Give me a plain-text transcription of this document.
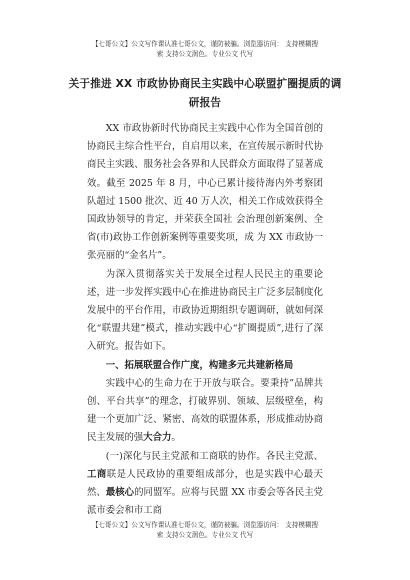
【七哥公文】公文写作课认准七哥公文，谨防被骗。浏览器访问： 支持模糊搜
索 支持公文润色。专业公文 代写
关于推进 XX 市政协协商民主实践中心联盟扩圈提质的调研报告

XX 市政协新时代协商民主实践中心作为全国首创的协商民主综合性平台，自启用以来，在宣传展示新时代协商民主实践、服务社会各界和人民群众方面取得了显著成效。截至 2025 年 8 月，中心已累计接待海内外考察团队超过 1500 批次、近 40 万人次，相关工作成效获得全国政协领导的肯定，并荣获全国社 会治理创新案例、全省(市)政协工作创新案例等重要奖项，成 为 XX 市政协一张亮丽的“金名片”。

为深入贯彻落实关于发展全过程人民民主的重要论述，进一步发挥实践中心在推进协商民主广泛多层制度化发展中的平台作用，市政协近期组织专题调研，就如何深化“联盟共建”模式，推动实践中心“扩圈提质”,进行了深入研究。报告如下。

一、拓展联盟合作广度，构建多元共建新格局

实践中心的生命力在于开放与联合。要秉持”品牌共创、平台共享”的理念，打破界别、领域、层级壁垒，构建一个更加广泛、紧密、高效的联盟体系，形成推动协商民主发展的强大合力。

(一)深化与民主党派和工商联的协作。各民主党派、工商联是人民政协的重要组成部分，也是实践中心最天然、最核心的同盟军。应将与民盟 XX 市委会等各民主党派市委会和市工商

【七哥公文】公文写作课认准七哥公文，谨防被骗。浏览器访问： 支持模糊搜
索 支持公文润色。专业公文 代写
